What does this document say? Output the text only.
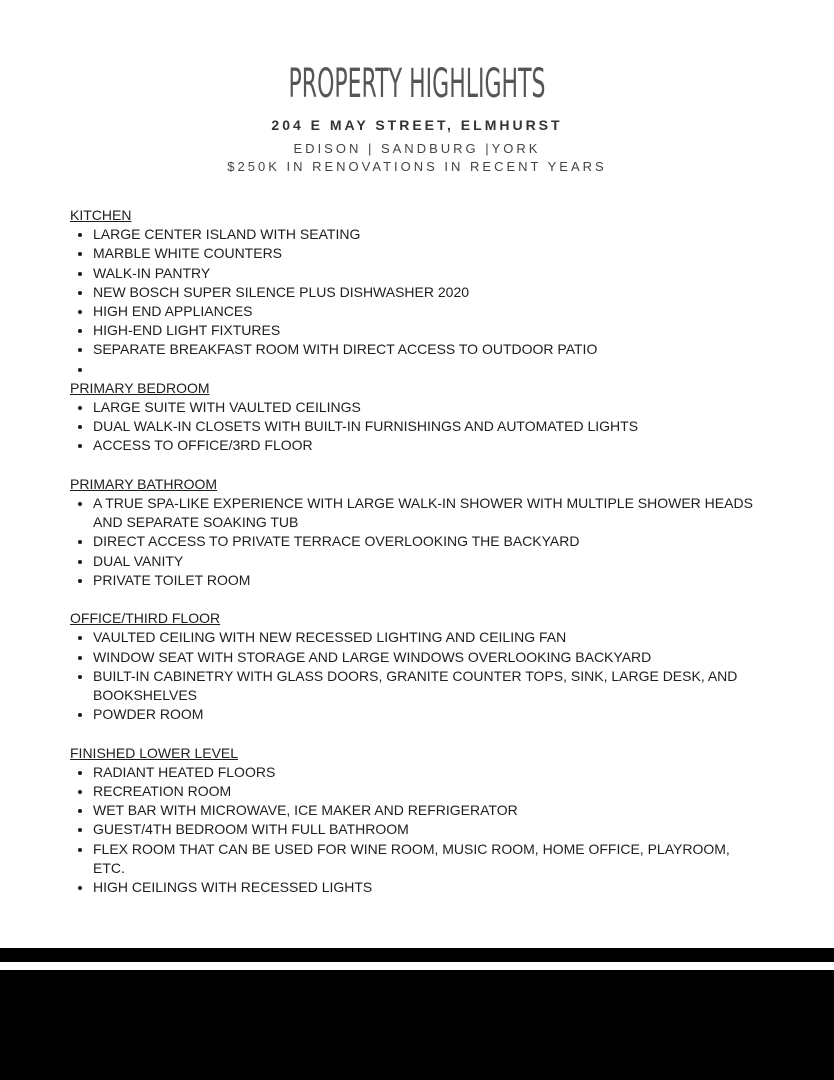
PROPERTY HIGHLIGHTS
204 E MAY STREET, ELMHURST
EDISON | SANDBURG |YORK
$250K IN RENOVATIONS IN RECENT YEARS
KITCHEN
• LARGE CENTER ISLAND WITH SEATING
• MARBLE WHITE COUNTERS
• WALK-IN PANTRY
• NEW BOSCH SUPER SILENCE PLUS DISHWASHER 2020
• HIGH END APPLIANCES
• HIGH-END LIGHT FIXTURES
• SEPARATE BREAKFAST ROOM WITH DIRECT ACCESS TO OUTDOOR PATIO
•
PRIMARY BEDROOM
• LARGE SUITE WITH VAULTED CEILINGS
• DUAL WALK-IN CLOSETS WITH BUILT-IN FURNISHINGS AND AUTOMATED LIGHTS
• ACCESS TO OFFICE/3RD FLOOR
PRIMARY BATHROOM
• A TRUE SPA-LIKE EXPERIENCE WITH LARGE WALK-IN SHOWER WITH MULTIPLE SHOWER HEADS AND SEPARATE SOAKING TUB
• DIRECT ACCESS TO PRIVATE TERRACE OVERLOOKING THE BACKYARD
• DUAL VANITY
• PRIVATE TOILET ROOM
OFFICE/THIRD FLOOR
• VAULTED CEILING WITH NEW RECESSED LIGHTING AND CEILING FAN
• WINDOW SEAT WITH STORAGE AND LARGE WINDOWS OVERLOOKING BACKYARD
• BUILT-IN CABINETRY WITH GLASS DOORS, GRANITE COUNTER TOPS, SINK, LARGE DESK, AND BOOKSHELVES
• POWDER ROOM
FINISHED LOWER LEVEL
• RADIANT HEATED FLOORS
• RECREATION ROOM
• WET BAR WITH MICROWAVE, ICE MAKER AND REFRIGERATOR
• GUEST/4TH BEDROOM WITH FULL BATHROOM
• FLEX ROOM THAT CAN BE USED FOR WINE ROOM, MUSIC ROOM, HOME OFFICE, PLAYROOM, ETC.
• HIGH CEILINGS WITH RECESSED LIGHTS
